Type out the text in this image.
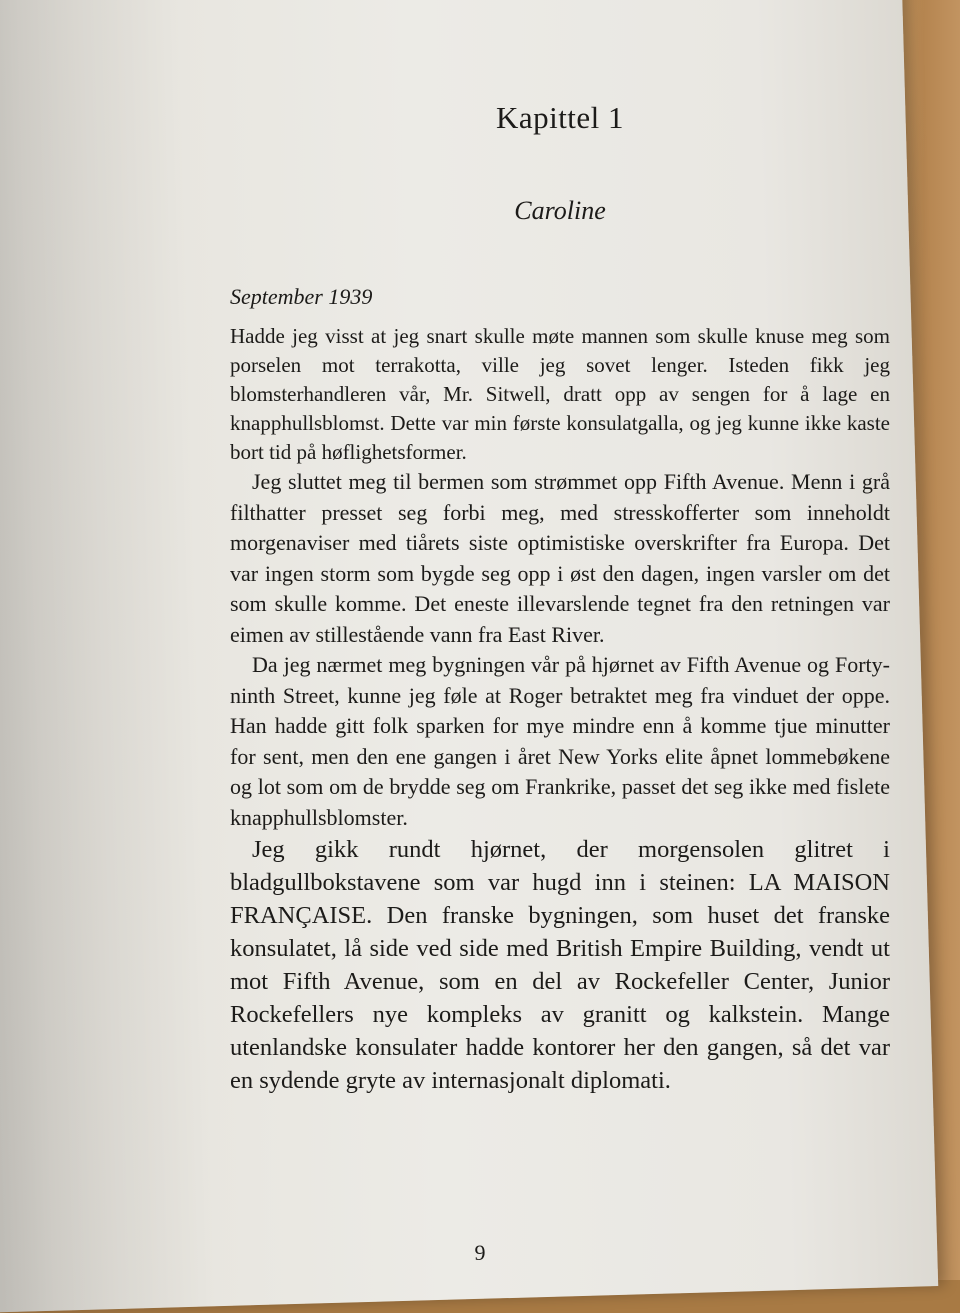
Kapittel 1
Caroline
September 1939

Hadde jeg visst at jeg snart skulle møte mannen som skulle knuse meg som porselen mot terrakotta, ville jeg sovet lenger. Isteden fikk jeg blomsterhandleren vår, Mr. Sitwell, dratt opp av sengen for å lage en knapphullsblomst. Dette var min første konsulatgalla, og jeg kunne ikke kaste bort tid på høflighetsformer.

Jeg sluttet meg til bermen som strømmet opp Fifth Avenue. Menn i grå filthatter presset seg forbi meg, med stresskofferter som inneholdt morgenaviser med tiårets siste optimistiske overskrifter fra Europa. Det var ingen storm som bygde seg opp i øst den dagen, ingen varsler om det som skulle komme. Det eneste illevarslende tegnet fra den retningen var eimen av stillestående vann fra East River.

Da jeg nærmet meg bygningen vår på hjørnet av Fifth Avenue og Forty-ninth Street, kunne jeg føle at Roger betraktet meg fra vinduet der oppe. Han hadde gitt folk sparken for mye mindre enn å komme tjue minutter for sent, men den ene gangen i året New Yorks elite åpnet lommebøkene og lot som om de brydde seg om Frankrike, passet det seg ikke med fislete knapphullsblomster.

Jeg gikk rundt hjørnet, der morgensolen glitret i bladgullbokstavene som var hugd inn i steinen: LA MAISON FRANÇAISE. Den franske bygningen, som huset det franske konsulatet, lå side ved side med British Empire Building, vendt ut mot Fifth Avenue, som en del av Rockefeller Center, Junior Rockefellers nye kompleks av granitt og kalkstein. Mange utenlandske konsulater hadde kontorer her den gangen, så det var en sydende gryte av internasjonalt diplomati.

9
